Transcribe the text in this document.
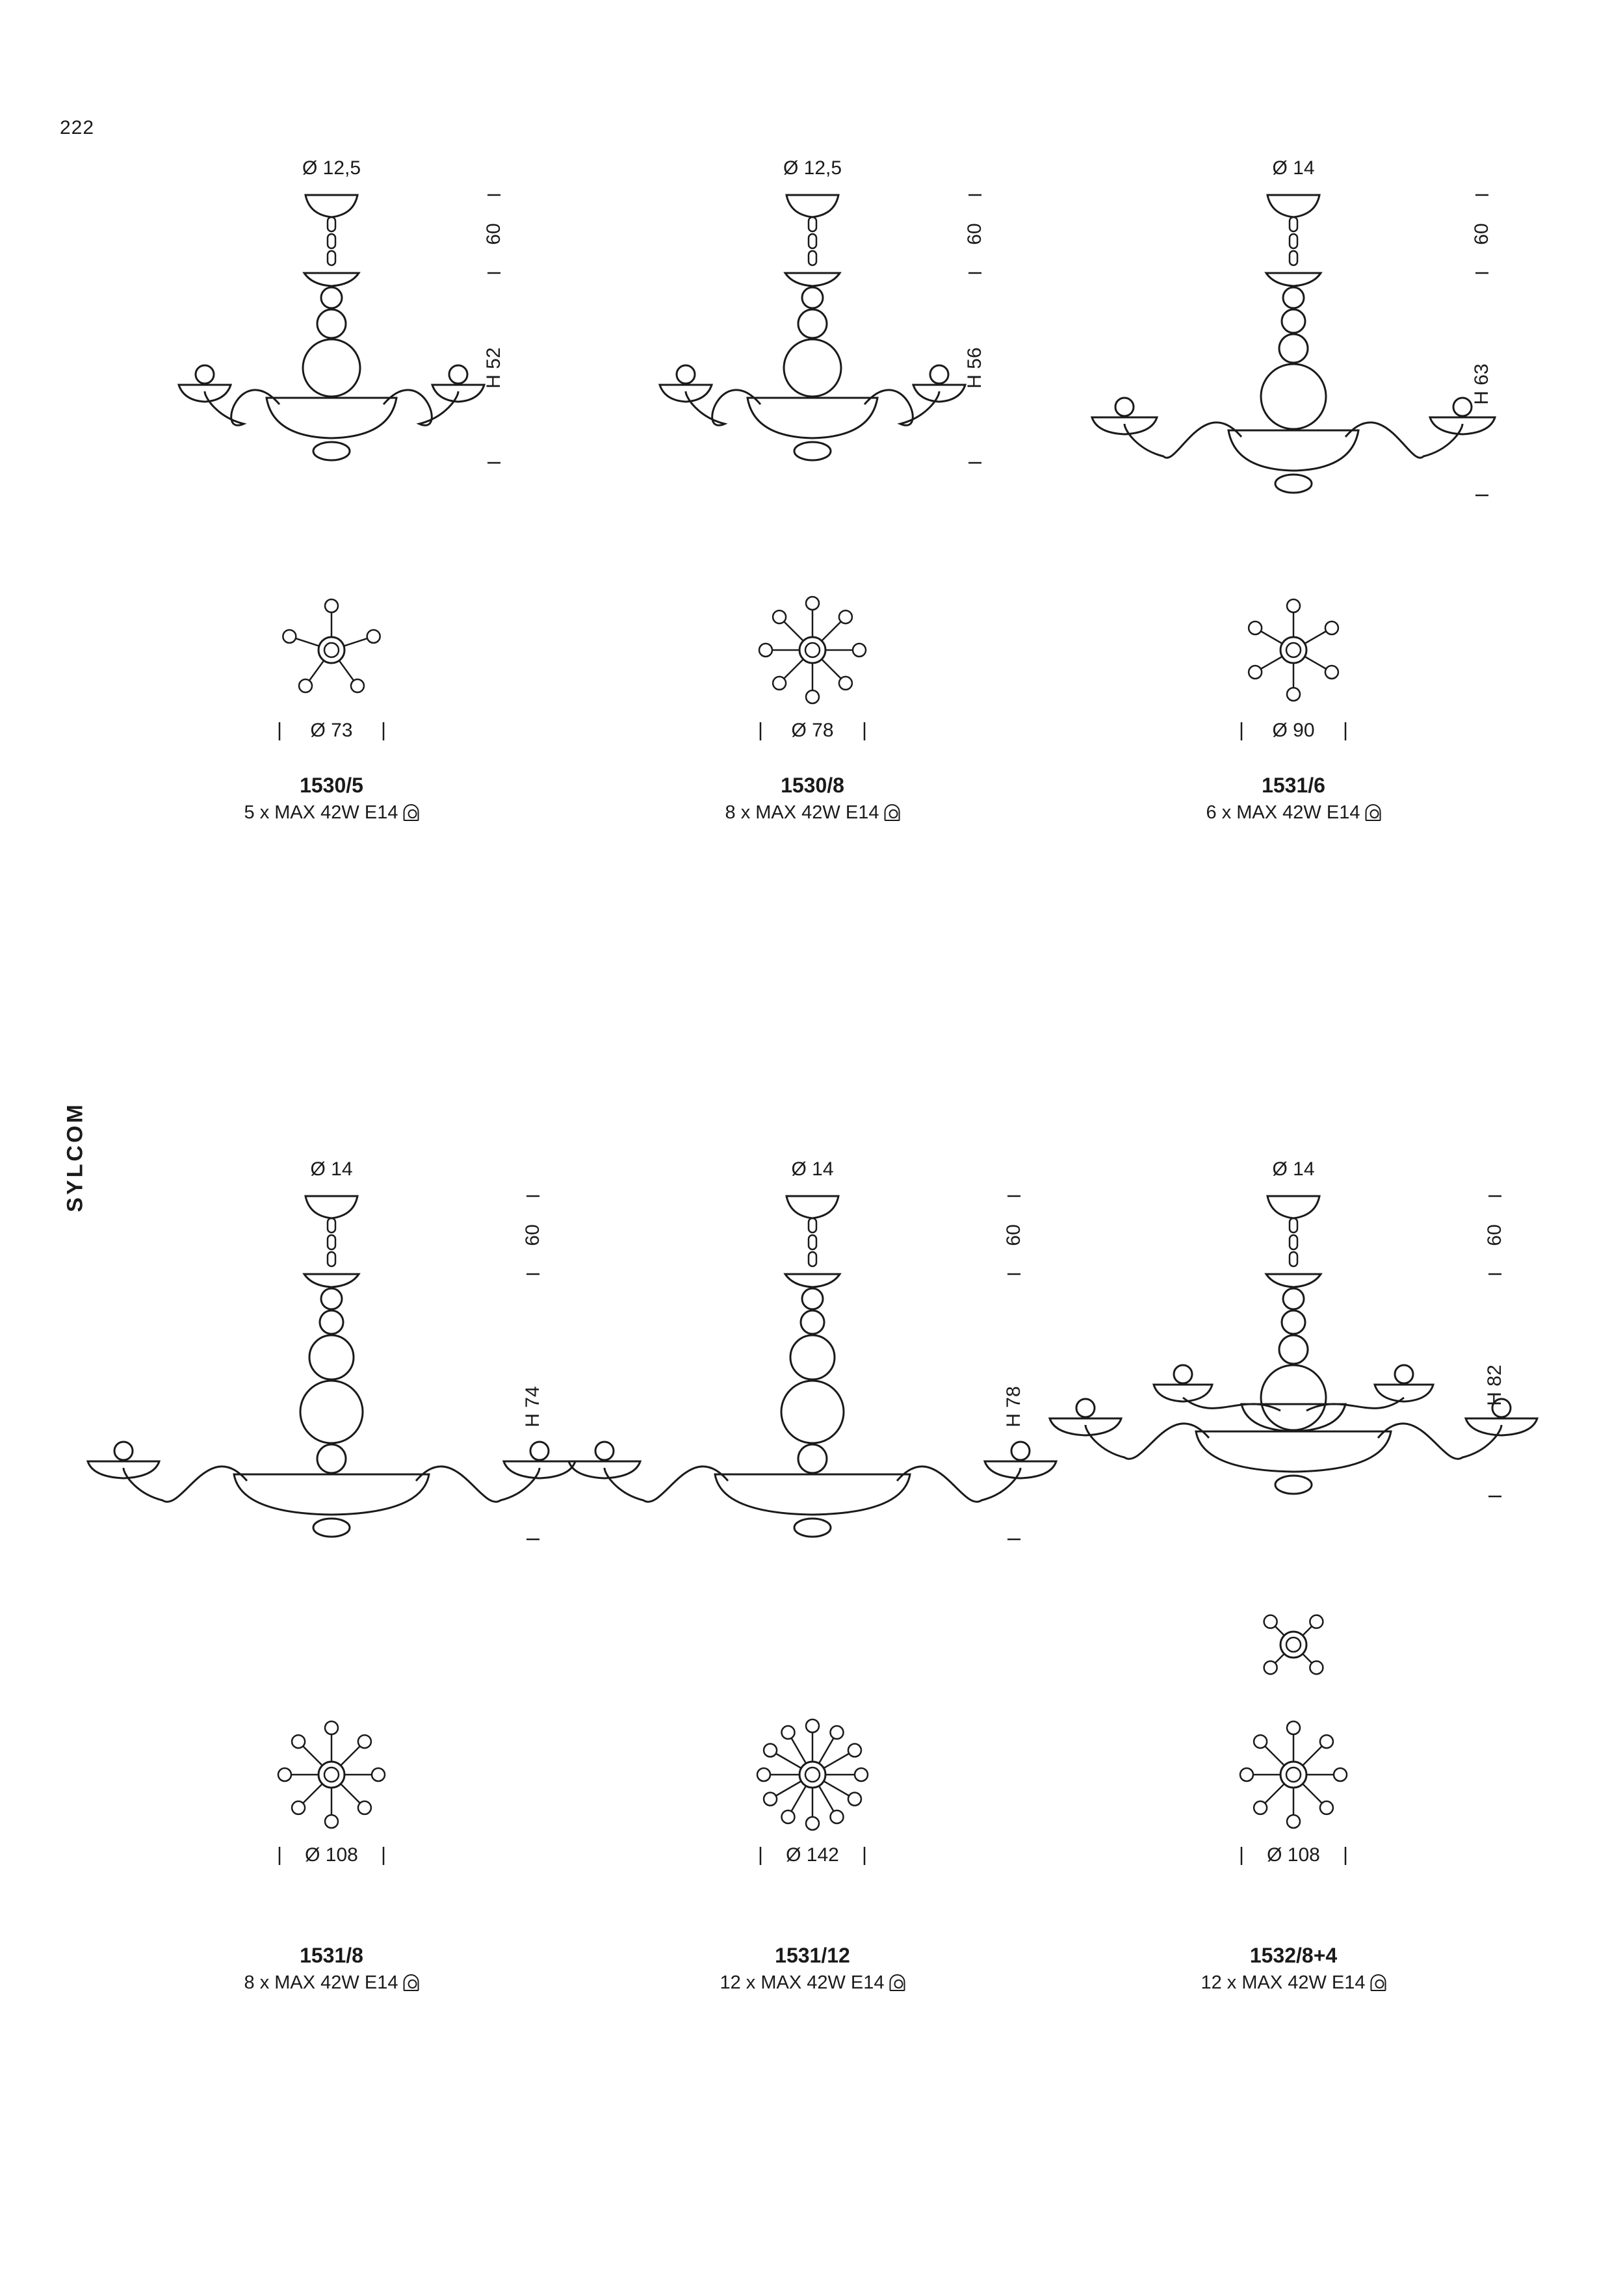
222
SYLCOM
Ø 12,5
60
H 52
Ø 73
1530/5
5 x MAX 42W E14
Ø 12,5
60
H 56
Ø 78
1530/8
8 x MAX 42W E14
Ø 14
60
H 63
Ø 90
1531/6
6 x MAX 42W E14
Ø 14
60
H 74
Ø 108
1531/8
8 x MAX 42W E14
Ø 14
60
H 78
Ø 142
1531/12
12 x MAX 42W E14
Ø 14
60
H 82
Ø 108
1532/8+4
12 x MAX 42W E14
